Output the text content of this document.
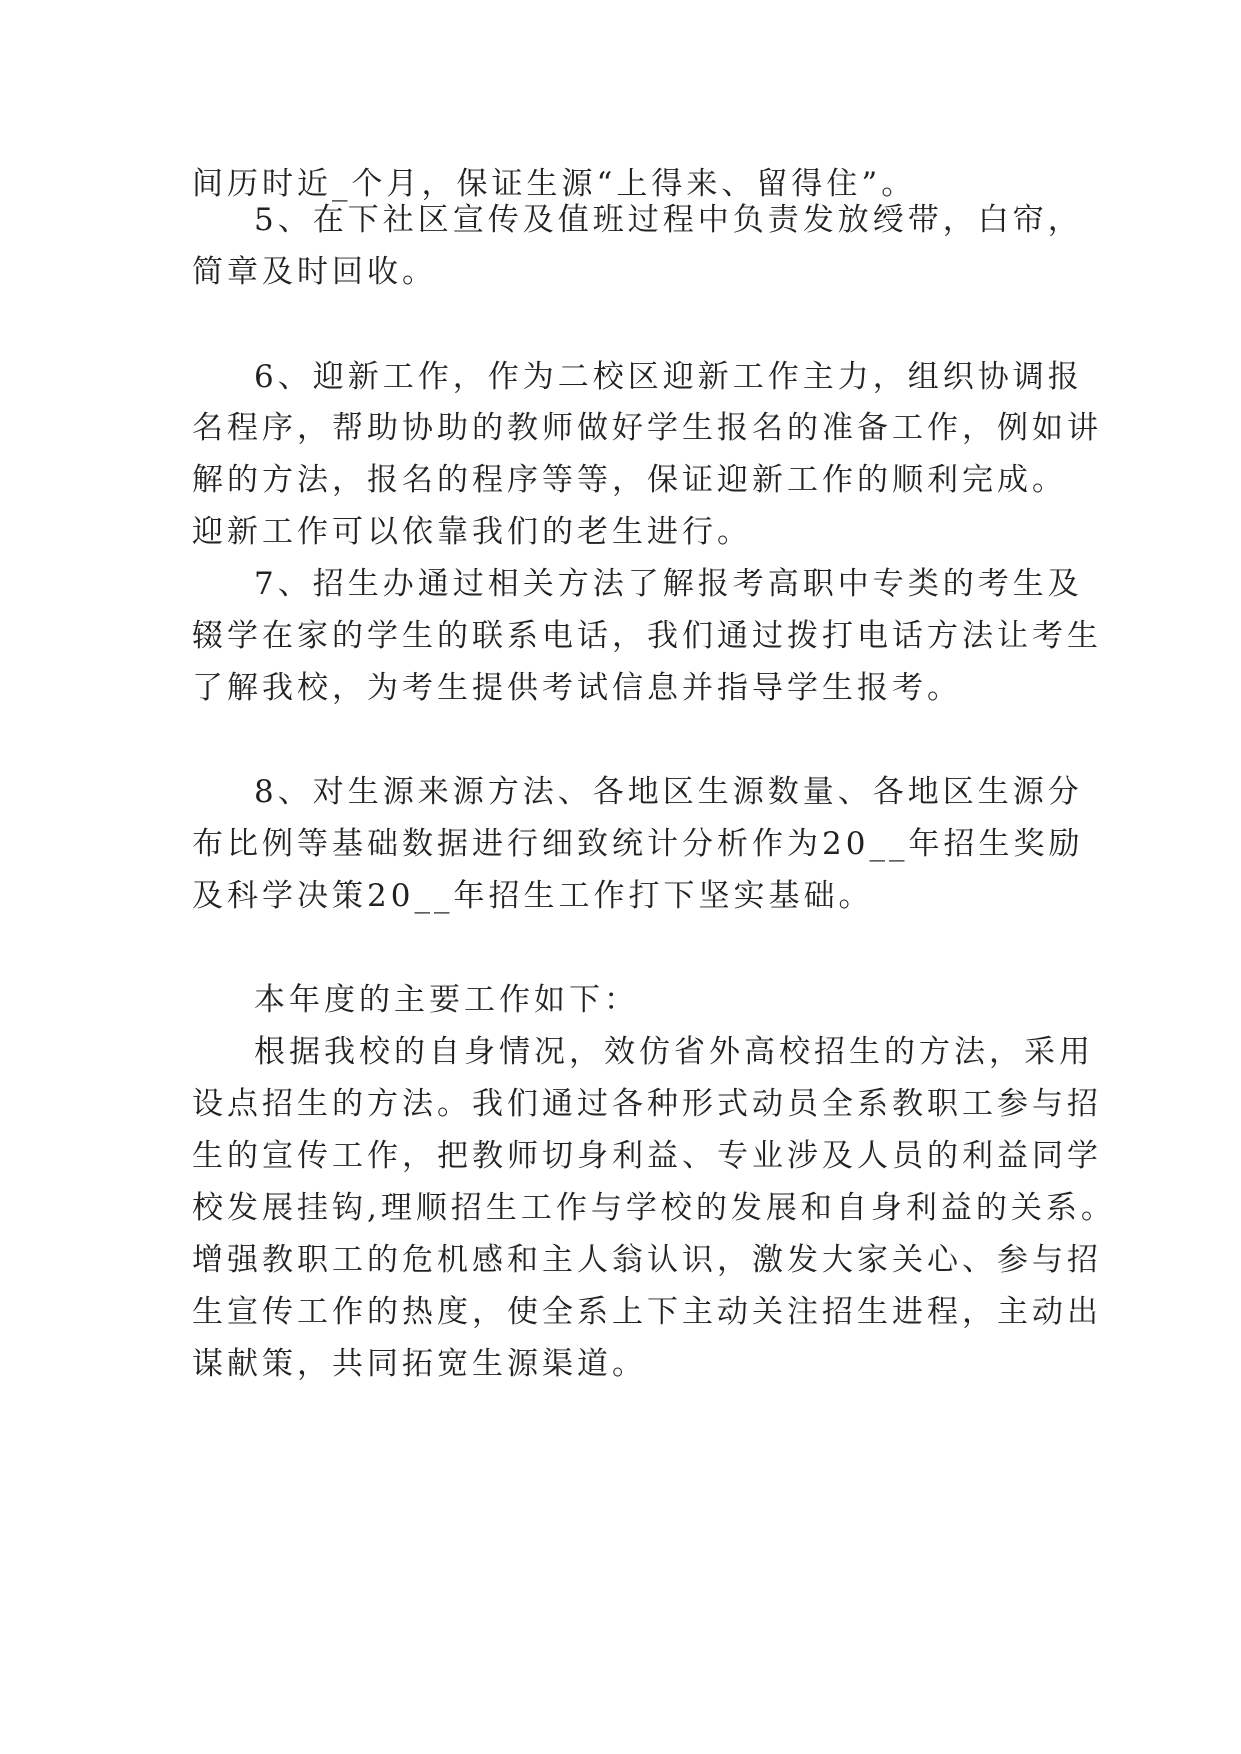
间历时近_个月，保证生源“上得来、留得住”。
5、在下社区宣传及值班过程中负责发放绶带，白帘，
简章及时回收。
6、迎新工作，作为二校区迎新工作主力，组织协调报
名程序，帮助协助的教师做好学生报名的准备工作，例如讲
解的方法，报名的程序等等，保证迎新工作的顺利完成。
迎新工作可以依靠我们的老生进行。
7、招生办通过相关方法了解报考高职中专类的考生及
辍学在家的学生的联系电话，我们通过拨打电话方法让考生
了解我校，为考生提供考试信息并指导学生报考。
8、对生源来源方法、各地区生源数量、各地区生源分
布比例等基础数据进行细致统计分析作为20__年招生奖励
及科学决策20__年招生工作打下坚实基础。
本年度的主要工作如下：
根据我校的自身情况，效仿省外高校招生的方法，采用
设点招生的方法。我们通过各种形式动员全系教职工参与招
生的宣传工作，把教师切身利益、专业涉及人员的利益同学
校发展挂钩,理顺招生工作与学校的发展和自身利益的关系。
增强教职工的危机感和主人翁认识，激发大家关心、参与招
生宣传工作的热度，使全系上下主动关注招生进程，主动出
谋献策，共同拓宽生源渠道。
